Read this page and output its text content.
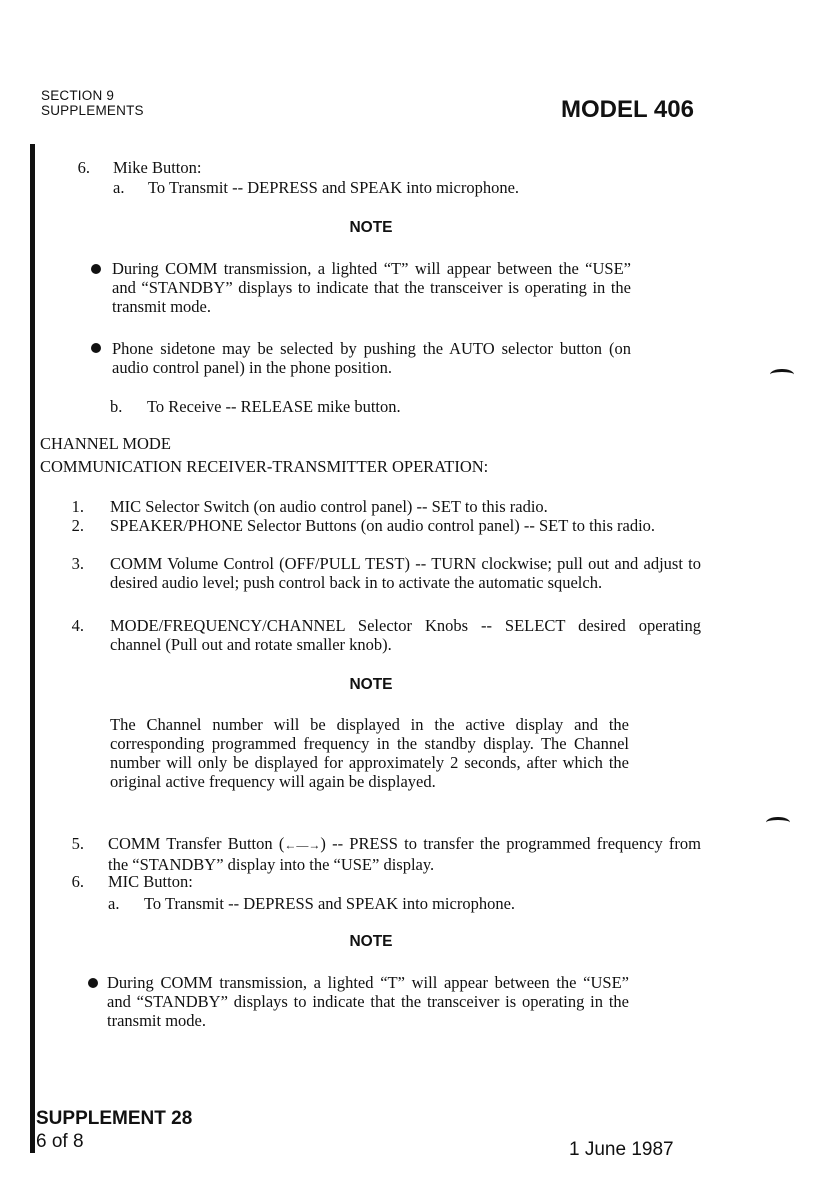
SECTION 9
SUPPLEMENTS	MODEL 406
6. Mike Button:
a. To Transmit -- DEPRESS and SPEAK into microphone.
NOTE
During COMM transmission, a lighted “T” will appear between the “USE” and “STANDBY” displays to indicate that the transceiver is operating in the transmit mode.
Phone sidetone may be selected by pushing the AUTO selector button (on audio control panel) in the phone position.
b. To Receive -- RELEASE mike button.
CHANNEL MODE
COMMUNICATION RECEIVER-TRANSMITTER OPERATION:
1. MIC Selector Switch (on audio control panel) -- SET to this radio.
2. SPEAKER/PHONE Selector Buttons (on audio control panel) -- SET to this radio.
3. COMM Volume Control (OFF/PULL TEST) -- TURN clockwise; pull out and adjust to desired audio level; push control back in to activate the automatic squelch.
4. MODE/FREQUENCY/CHANNEL Selector Knobs -- SELECT desired operating channel (Pull out and rotate smaller knob).
NOTE
The Channel number will be displayed in the active display and the corresponding programmed frequency in the standby display. The Channel number will only be displayed for approximately 2 seconds, after which the original active frequency will again be displayed.
5. COMM Transfer Button (←—→) -- PRESS to transfer the programmed frequency from the “STANDBY” display into the “USE” display.
6. MIC Button:
a. To Transmit -- DEPRESS and SPEAK into microphone.
NOTE
During COMM transmission, a lighted “T” will appear between the “USE” and “STANDBY” displays to indicate that the transceiver is operating in the transmit mode.
SUPPLEMENT 28
6 of 8	1 June 1987
